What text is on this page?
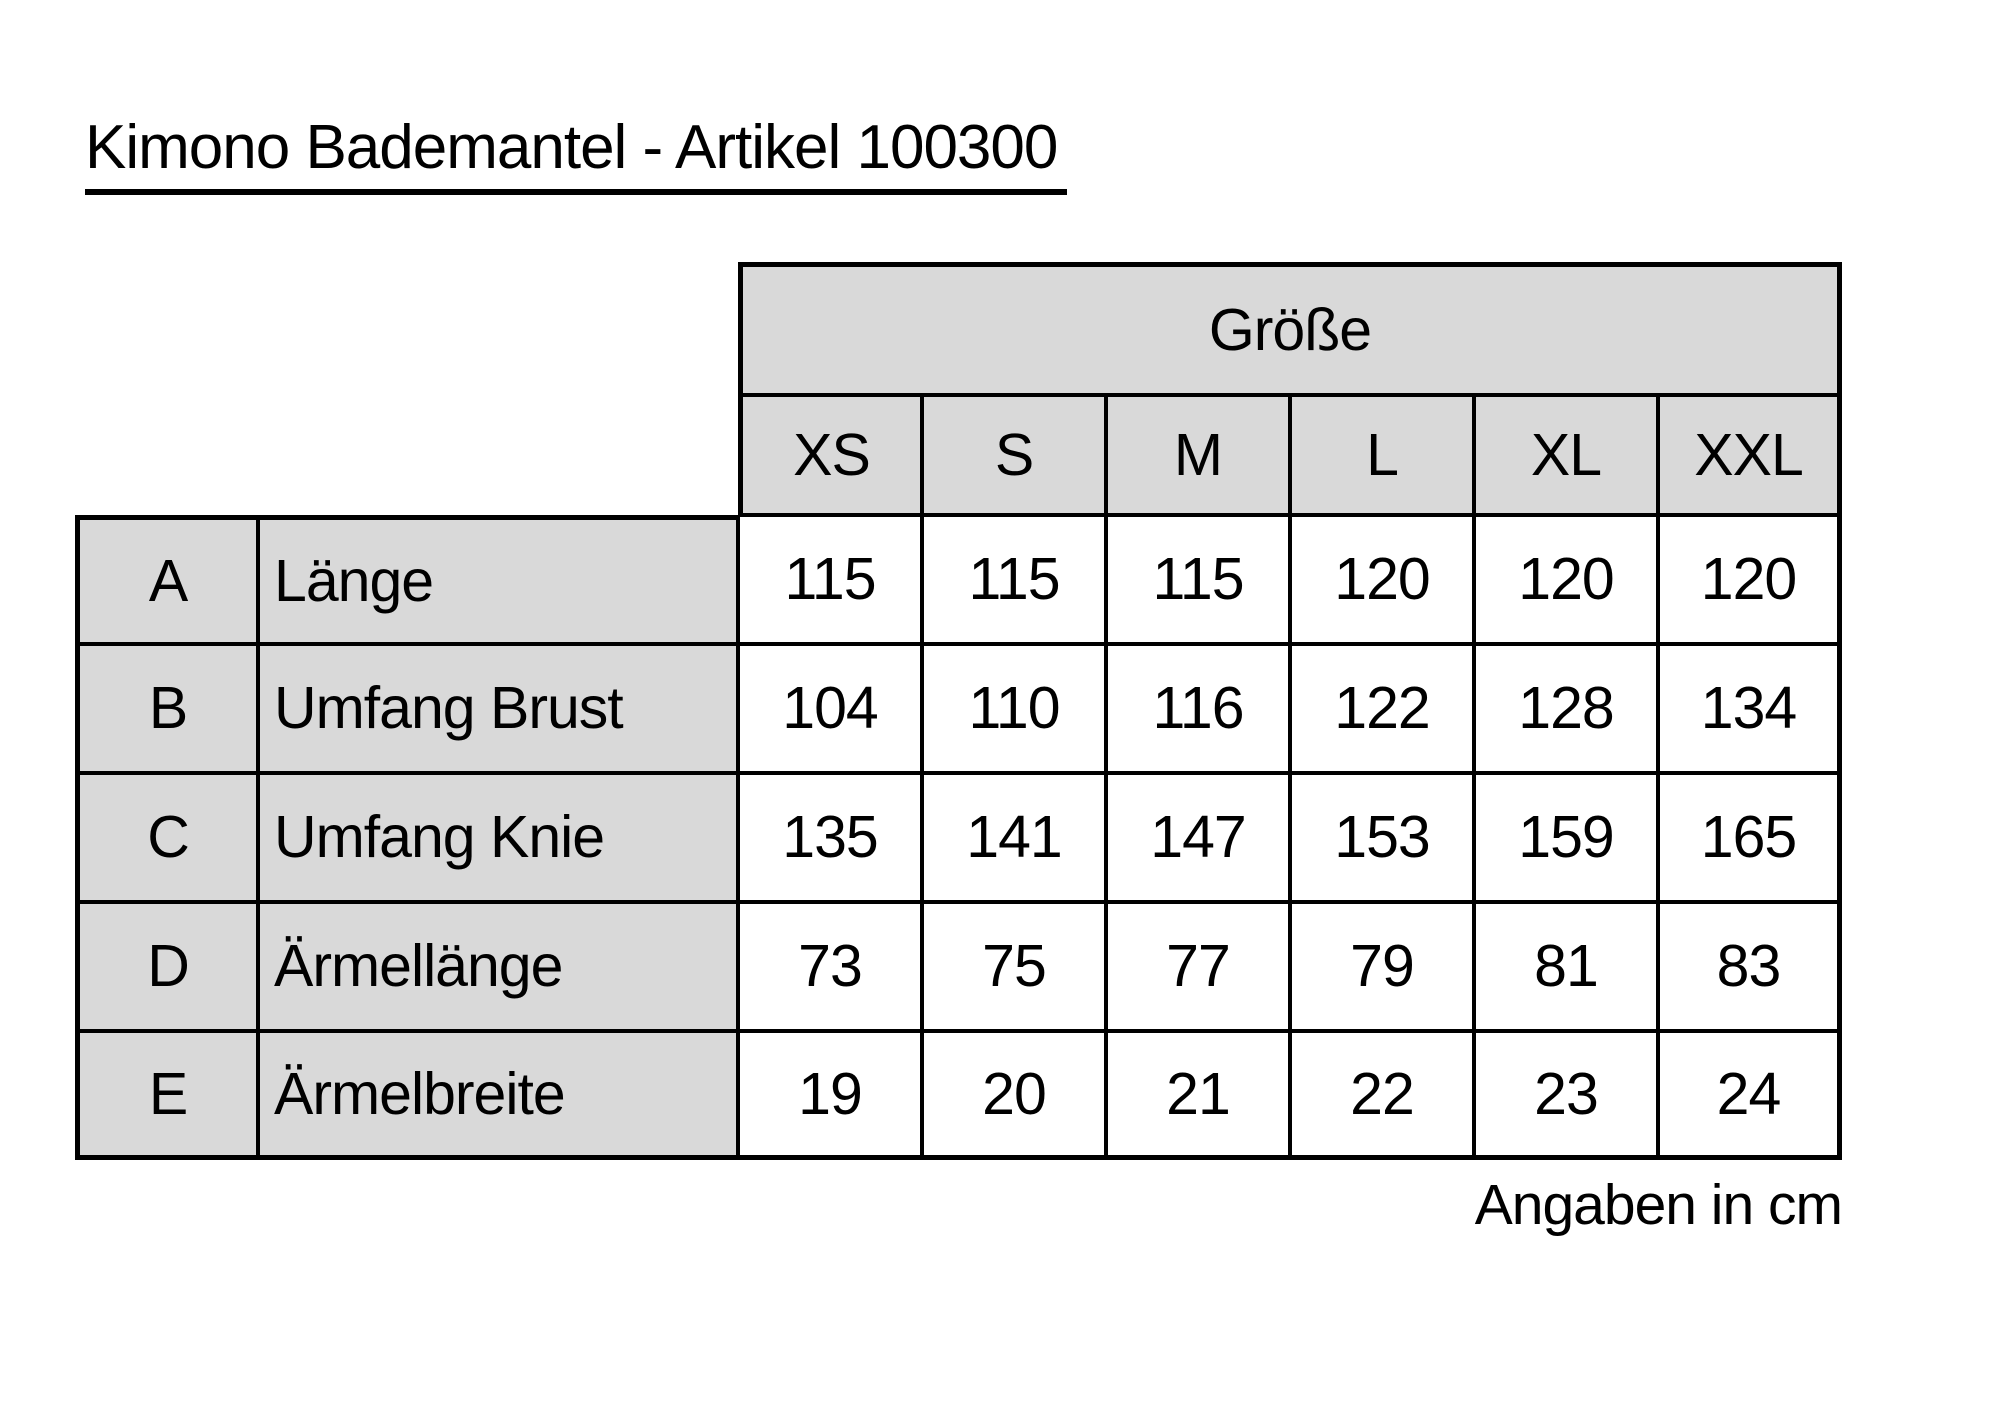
Kimono Bademantel - Artikel 100300
Größe
XS	S	M	L	XL	XXL
A	Länge	115	115	115	120	120	120
B	Umfang Brust	104	110	116	122	128	134
C	Umfang Knie	135	141	147	153	159	165
D	Ärmellänge	73	75	77	79	81	83
E	Ärmelbreite	19	20	21	22	23	24
Angaben in cm
